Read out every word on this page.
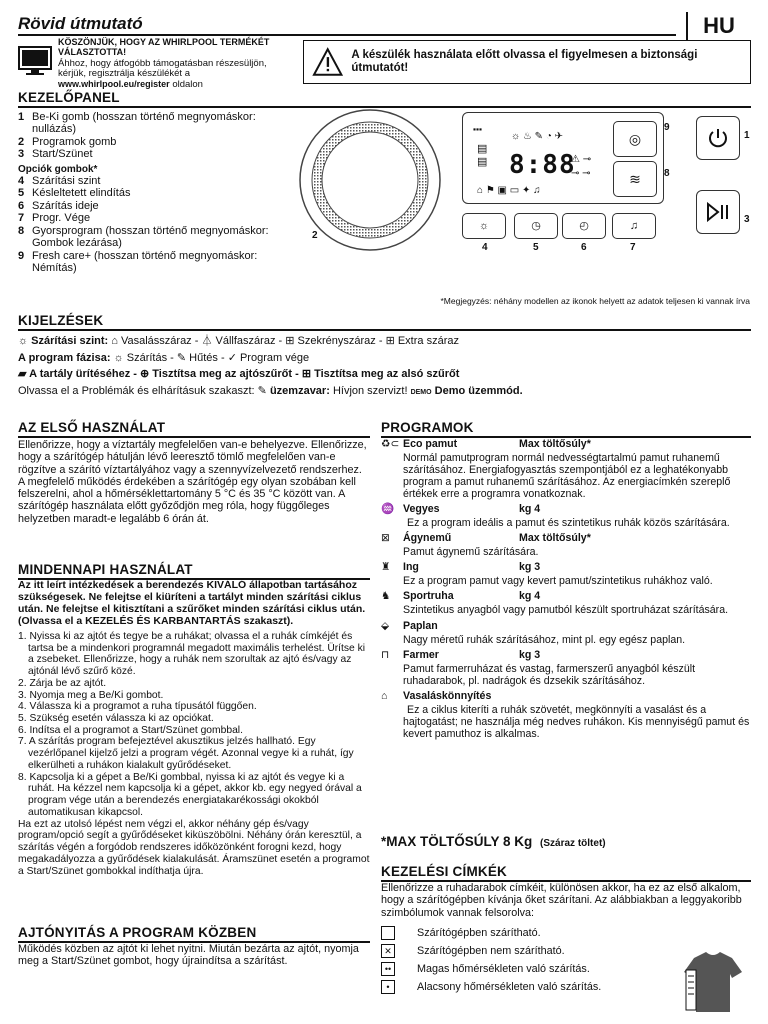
Rövid útmutató	HU
KÖSZÖNJÜK, HOGY AZ WHIRLPOOL TERMÉKÉT VÁLASZTOTTA!
Áhhoz, hogy átfogóbb támogatásban részesüljön, kérjük, regisztrálja készülékét a
www.whirlpool.eu/register oldalon
A készülék használata előtt olvassa el figyelmesen a biztonsági útmutatót!
KEZELŐPANEL
1 Be-Ki gomb (hosszan történő megnyomáskor: nullázás)
2 Programok gomb
3 Start/Szünet
Opciók gombok*
4 Szárítási szint
5 Késleltetett elindítás
6 Szárítás ideje
7 Progr. Vége
8 Gyorsprogram (hosszan történő megnyomáskor: Gombok lezárása)
9 Fresh care+ (hosszan történő megnyomáskor: Némítás)
2
▪▪▪
☼ ♨ ✎ ◔ ✈
▤
▤ 8:88
⚠ ⊸
⊸ ⊸
⌂ ⚑ ▣ ▭ ✦ ♫
◎
≋
9
8
1
3
☼	◷	◴	♫
4	5	6	7
*Megjegyzés: néhány modellen az ikonok helyett az adatok teljesen ki vannak írva
KIJELZÉSEK
☼ Szárítási szint: ⌂ Vasalásszáraz - ⏃ Vállfaszáraz - ⊞ Szekrényszáraz - ⊞ Extra száraz
A program fázisa: ☼ Szárítás - ✎ Hűtés - ✓ Program vége
▰ A tartály ürítéséhez - ⊕ Tisztítsa meg az ajtószűrőt - ⊞ Tisztítsa meg az alsó szűrőt
Olvassa el a Problémák és elhárításuk szakaszt: ✎ üzemzavar: Hívjon szervizt! DEMO Demo üzemmód.
AZ ELSŐ HASZNÁLAT
Ellenőrizze, hogy a víztartály megfelelően van-e behelyezve. Ellenőrizze, hogy a szárítógép hátulján lévő leeresztő tömlő megfelelően van-e rögzítve a szárító víztartályához vagy a szennyvízelvezető rendszerhez. A megfelelő működés érdekében a szárítógép egy olyan szobában kell felszerelni, ahol a hőmérséklettartomány 5 °C és 35 °C között van. A szárítógép használata előtt győződjön meg róla, hogy függőleges helyzetben maradt-e legalább 6 órán át.
MINDENNAPI HASZNÁLAT
Az itt leírt intézkedések a berendezés KIVÁLÓ állapotban tartásához szükségesek. Ne felejtse el kiüríteni a tartályt minden szárítási ciklus után. Ne felejtse el kitisztítani a szűrőket minden szárítási ciklus után. (Olvassa el a KEZELÉS ÉS KARBANTARTÁS szakaszt).
1. Nyissa ki az ajtót és tegye be a ruhákat; olvassa el a ruhák címkéjét és tartsa be a mindenkori programnál megadott maximális terhelést. Ürítse ki a zsebeket. Ellenőrizze, hogy a ruhák nem szorultak az ajtó és/vagy az ajtónál lévő szűrő közé.
2. Zárja be az ajtót.
3. Nyomja meg a Be/Ki gombot.
4. Válassza ki a programot a ruha típusától függően.
5. Szükség esetén válassza ki az opciókat.
6. Indítsa el a programot a Start/Szünet gombbal.
7. A szárítás program befejeztével akusztikus jelzés hallható. Egy vezérlőpanel kijelző jelzi a program végét. Azonnal vegye ki a ruhát, így elkerülheti a ruhákon kialakult gyűrődéseket.
8. Kapcsolja ki a gépet a Be/Ki gombbal, nyissa ki az ajtót és vegye ki a ruhát. Ha kézzel nem kapcsolja ki a gépet, akkor kb. egy negyed órával a program vége után a berendezés energiatakarékossági okokból automatikusan kikapcsol.
Ha ezt az utolsó lépést nem végzi el, akkor néhány gép és/vagy program/opció segít a gyűrődéseket kiküszöbölni. Néhány órán keresztül, a szárítás végén a forgódob rendszeres időközönként forogni kezd, hogy megakadályozza a gyűrődések kialakulását. Áramszünet esetén a programot a Start/Szünet gombokkal indíthatja újra.
AJTÓNYITÁS A PROGRAM KÖZBEN
Működés közben az ajtót ki lehet nyitni. Miután bezárta az ajtót, nyomja meg a Start/Szünet gombot, hogy újraindítsa a szárítást.
PROGRAMOK
♻⊂ Eco pamut	Max töltősúly*
Normál pamutprogram normál nedvességtartalmú pamut ruhanemű szárításához. Energiafogyasztás szempontjából ez a leghatékonyabb program a pamut ruhanemű szárításához. Az energiacímkén szereplő értékek erre a programra vonatkoznak.
♒ Vegyes	kg 4
Ez a program ideális a pamut és szintetikus ruhák közös szárítására.
⊠	Ágynemű	Max töltősúly*
Pamut ágynemű szárítására.
♜	Ing	kg 3
Ez a program pamut vagy kevert pamut/szintetikus ruhákhoz való.
♞	Sportruha	kg 4
Szintetikus anyagból vagy pamutból készült sportruházat szárítására.
⬙	Paplan
Nagy méretű ruhák szárításához, mint pl. egy egész paplan.
⊓	Farmer	kg 3
Pamut farmerruházat és vastag, farmerszerű anyagból készült ruhadarabok, pl. nadrágok és dzsekik szárításához.
⌂	Vasaláskönnyítés
Ez a ciklus kiteríti a ruhák szövetét, megkönnyíti a vasalást és a hajtogatást; ne használja még nedves ruhákon. Kis mennyiségű pamut és kevert pamuthoz is alkalmas.
*MAX TÖLTŐSÚLY 8 Kg (Száraz töltet)
KEZELÉSI CÍMKÉK
Ellenőrizze a ruhadarabok címkéit, különösen akkor, ha ez az első alkalom, hogy a szárítógépben kívánja őket szárítani. Az alábbiakban a leggyakoribb szimbólumok vannak felsorolva:
Szárítógépben szárítható.
✕ Szárítógépben nem szárítható.
••	Magas hőmérsékleten való szárítás.
•	Alacsony hőmérsékleten való szárítás.
